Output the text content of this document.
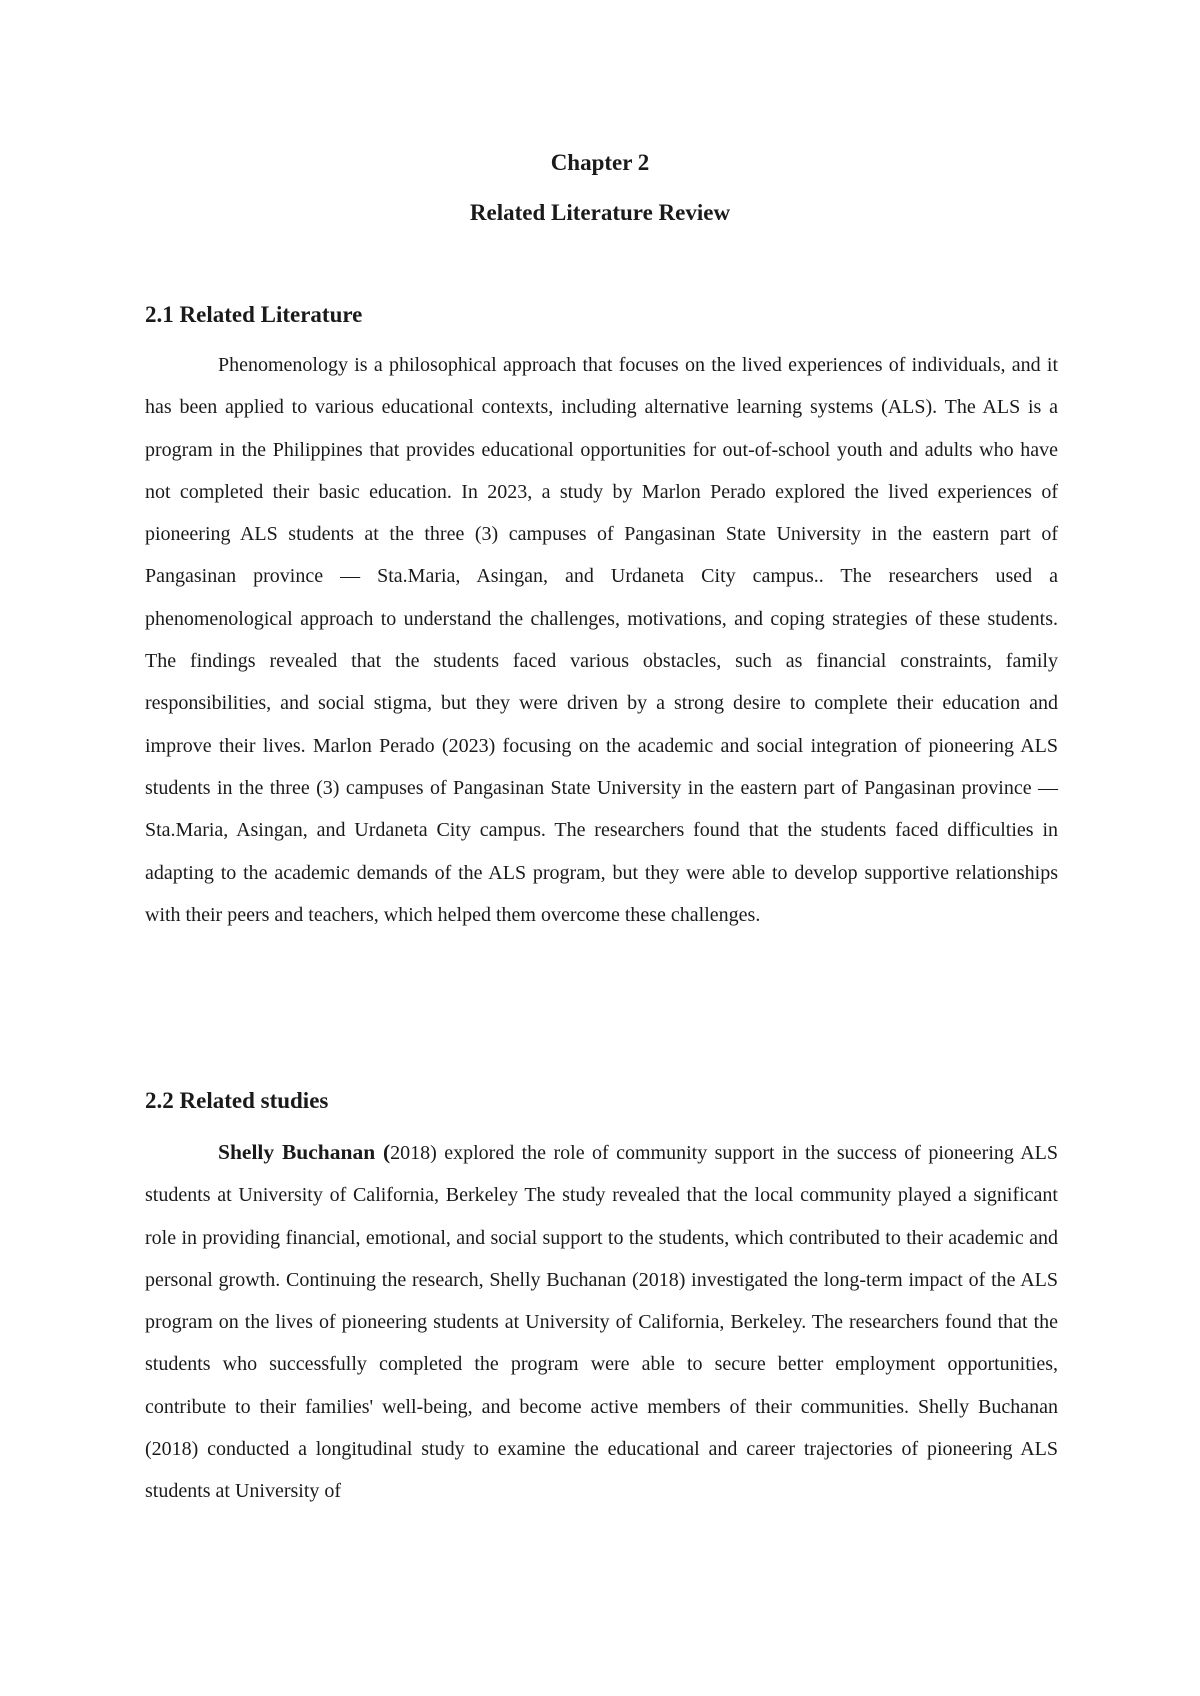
Chapter 2
Related Literature Review
2.1 Related Literature

Phenomenology is a philosophical approach that focuses on the lived experiences of individuals, and it has been applied to various educational contexts, including alternative learning systems (ALS). The ALS is a program in the Philippines that provides educational opportunities for out-of-school youth and adults who have not completed their basic education. In 2023, a study by Marlon Perado explored the lived experiences of pioneering ALS students at the three (3) campuses of Pangasinan State University in the eastern part of Pangasinan province — Sta.Maria, Asingan, and Urdaneta City campus.. The researchers used a phenomenological approach to understand the challenges, motivations, and coping strategies of these students. The findings revealed that the students faced various obstacles, such as financial constraints, family responsibilities, and social stigma, but they were driven by a strong desire to complete their education and improve their lives. Marlon Perado (2023) focusing on the academic and social integration of pioneering ALS students in the three (3) campuses of Pangasinan State University in the eastern part of Pangasinan province — Sta.Maria, Asingan, and Urdaneta City campus. The researchers found that the students faced difficulties in adapting to the academic demands of the ALS program, but they were able to develop supportive relationships with their peers and teachers, which helped them overcome these challenges.

2.2 Related studies

Shelly Buchanan (2018) explored the role of community support in the success of pioneering ALS students at University of California, Berkeley The study revealed that the local community played a significant role in providing financial, emotional, and social support to the students, which contributed to their academic and personal growth. Continuing the research, Shelly Buchanan (2018) investigated the long-term impact of the ALS program on the lives of pioneering students at University of California, Berkeley. The researchers found that the students who successfully completed the program were able to secure better employment opportunities, contribute to their families' well-being, and become active members of their communities. Shelly Buchanan (2018) conducted a longitudinal study to examine the educational and career trajectories of pioneering ALS students at University of
